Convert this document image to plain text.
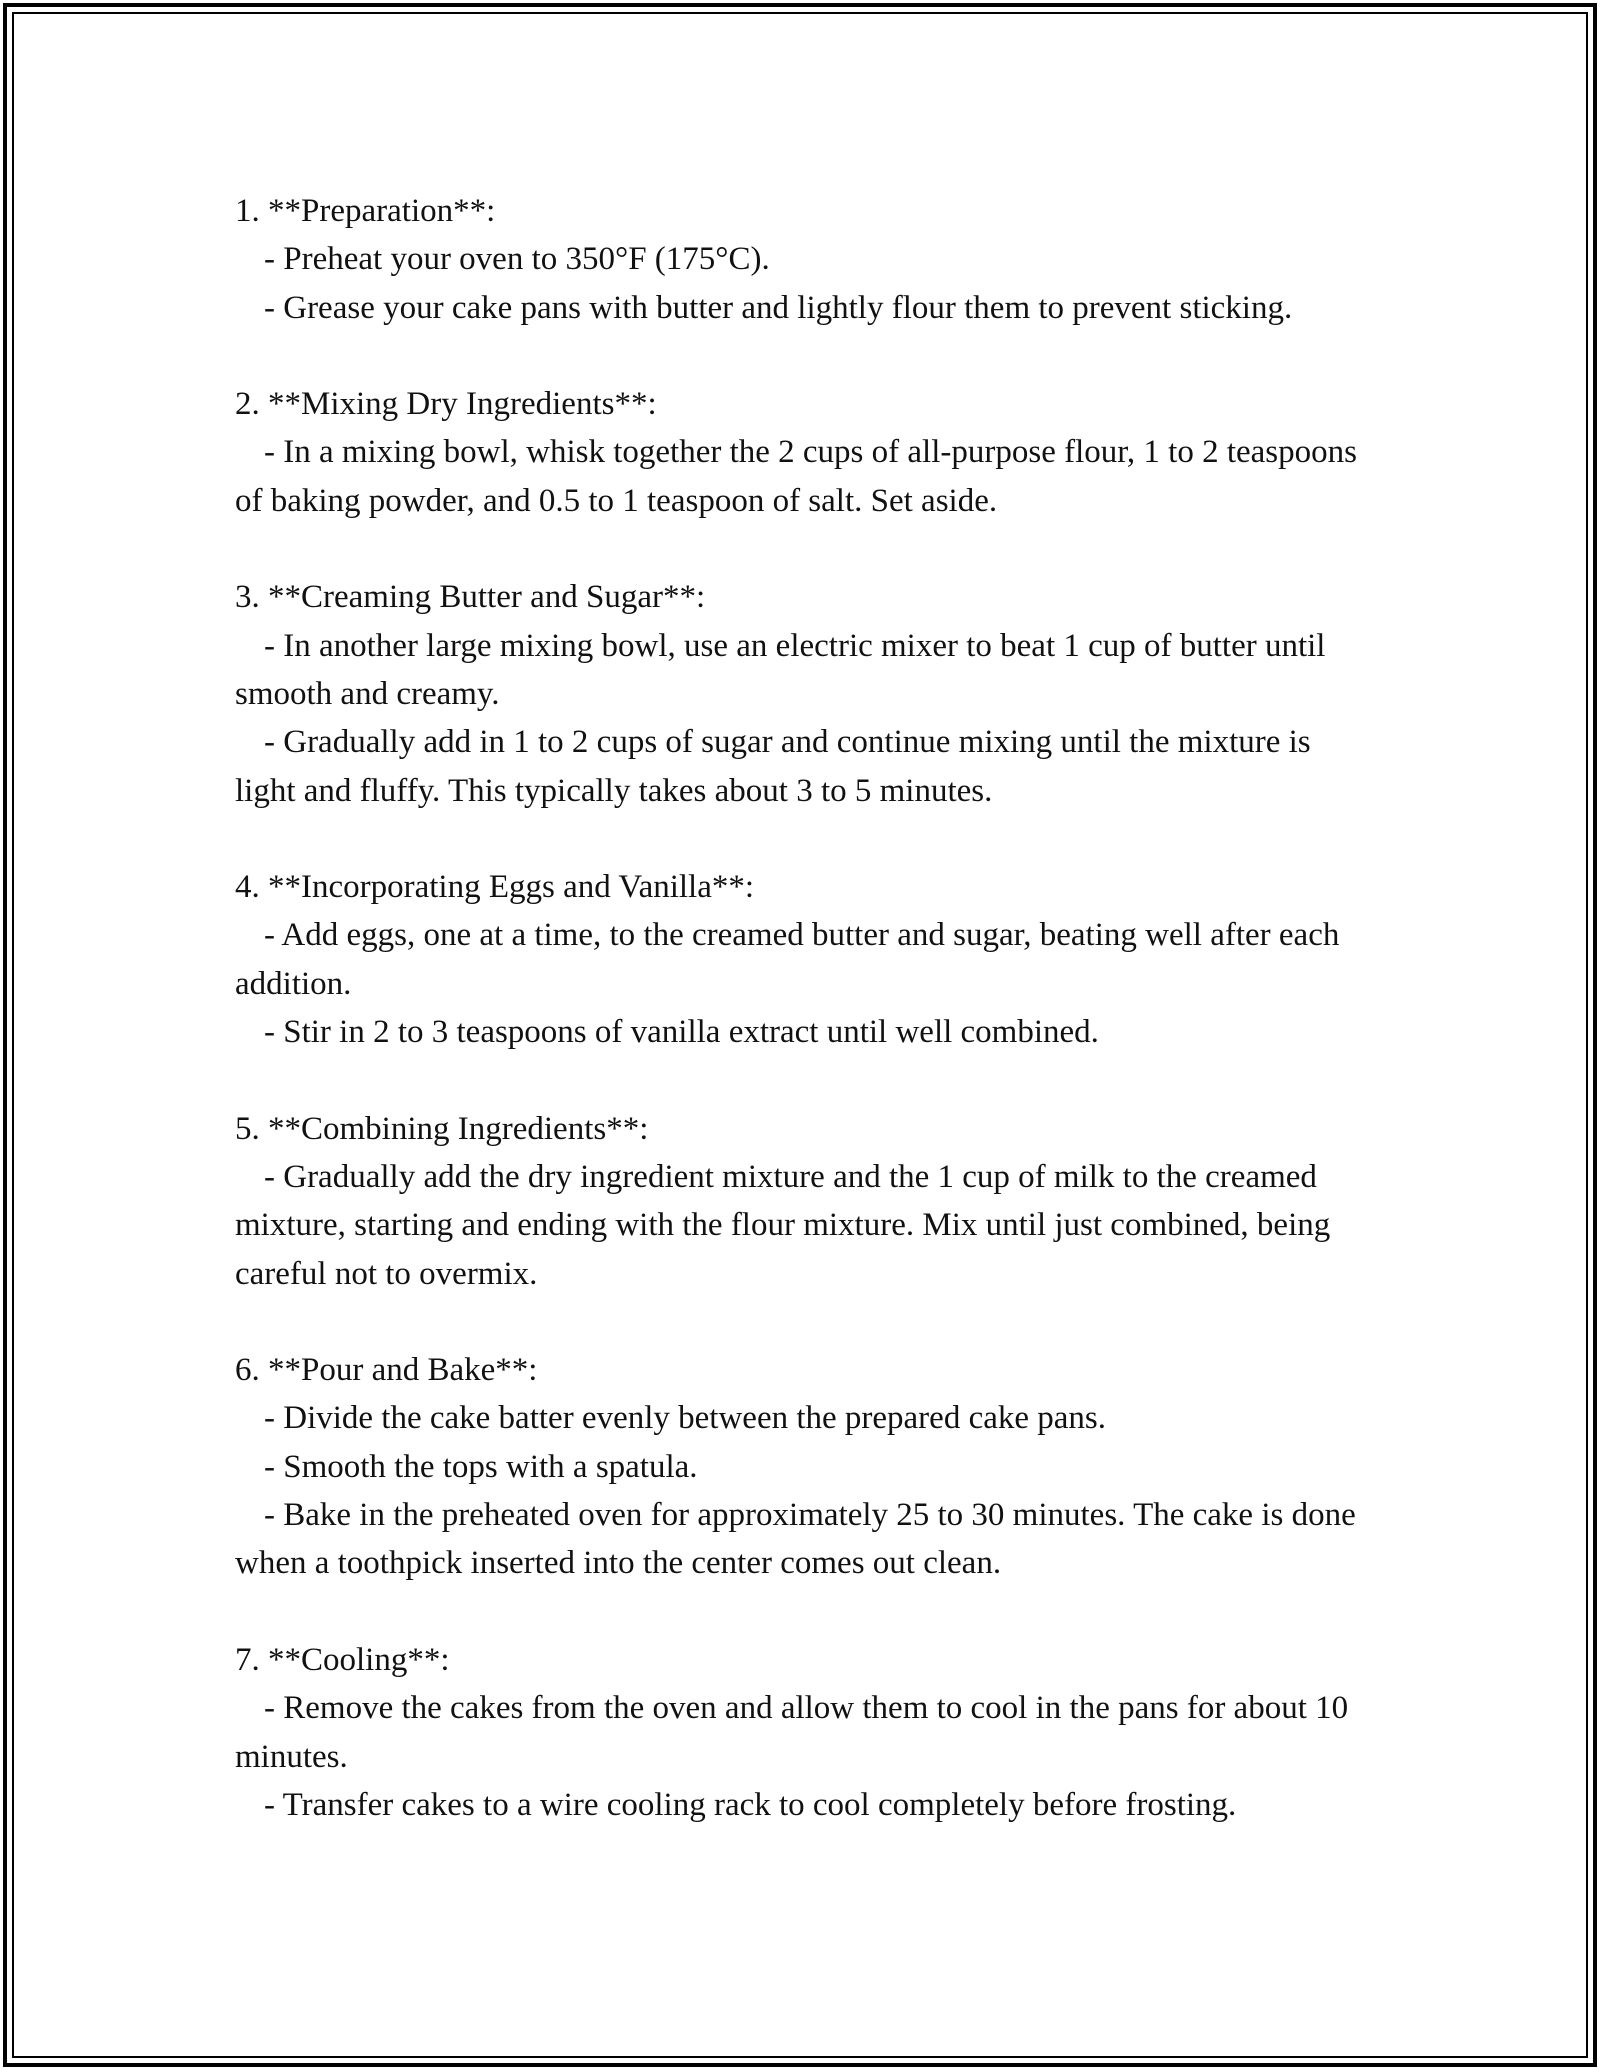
1. **Preparation**:
- Preheat your oven to 350°F (175°C).
- Grease your cake pans with butter and lightly flour them to prevent sticking.
2. **Mixing Dry Ingredients**:
- In a mixing bowl, whisk together the 2 cups of all-purpose flour, 1 to 2 teaspoons of baking powder, and 0.5 to 1 teaspoon of salt. Set aside.
3. **Creaming Butter and Sugar**:
- In another large mixing bowl, use an electric mixer to beat 1 cup of butter until smooth and creamy.
- Gradually add in 1 to 2 cups of sugar and continue mixing until the mixture is light and fluffy. This typically takes about 3 to 5 minutes.
4. **Incorporating Eggs and Vanilla**:
- Add eggs, one at a time, to the creamed butter and sugar, beating well after each addition.
- Stir in 2 to 3 teaspoons of vanilla extract until well combined.
5. **Combining Ingredients**:
- Gradually add the dry ingredient mixture and the 1 cup of milk to the creamed mixture, starting and ending with the flour mixture. Mix until just combined, being careful not to overmix.
6. **Pour and Bake**:
- Divide the cake batter evenly between the prepared cake pans.
- Smooth the tops with a spatula.
- Bake in the preheated oven for approximately 25 to 30 minutes. The cake is done when a toothpick inserted into the center comes out clean.
7. **Cooling**:
- Remove the cakes from the oven and allow them to cool in the pans for about 10 minutes.
- Transfer cakes to a wire cooling rack to cool completely before frosting.
